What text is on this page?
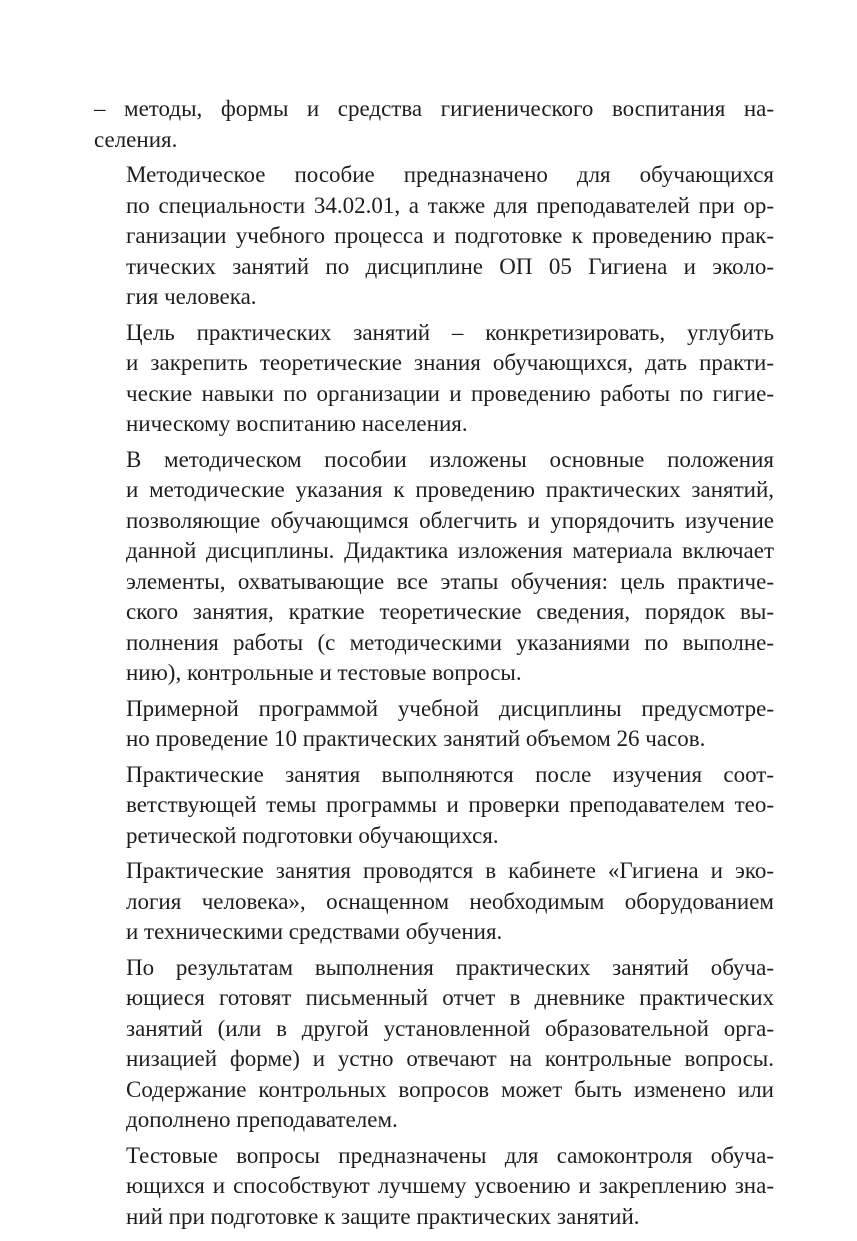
– методы, формы и средства гигиенического воспитания на-
селения.
Методическое пособие предназначено для обучающихся
по специальности 34.02.01, а также для преподавателей при ор-
ганизации учебного процесса и подготовке к проведению прак-
тических занятий по дисциплине ОП 05 Гигиена и эколо-
гия человека.
Цель практических занятий – конкретизировать, углубить
и закрепить теоретические знания обучающихся, дать практи-
ческие навыки по организации и проведению работы по гигие-
ническому воспитанию населения.
В методическом пособии изложены основные положения
и методические указания к проведению практических занятий,
позволяющие обучающимся облегчить и упорядочить изучение
данной дисциплины. Дидактика изложения материала включает
элементы, охватывающие все этапы обучения: цель практиче-
ского занятия, краткие теоретические сведения, порядок вы-
полнения работы (с методическими указаниями по выполне-
нию), контрольные и тестовые вопросы.
Примерной программой учебной дисциплины предусмотре-
но проведение 10 практических занятий объемом 26 часов.
Практические занятия выполняются после изучения соот-
ветствующей темы программы и проверки преподавателем тео-
ретической подготовки обучающихся.
Практические занятия проводятся в кабинете «Гигиена и эко-
логия человека», оснащенном необходимым оборудованием
и техническими средствами обучения.
По результатам выполнения практических занятий обуча-
ющиеся готовят письменный отчет в дневнике практических
занятий (или в другой установленной образовательной орга-
низацией форме) и устно отвечают на контрольные вопросы.
Содержание контрольных вопросов может быть изменено или
дополнено преподавателем.
Тестовые вопросы предназначены для самоконтроля обуча-
ющихся и способствуют лучшему усвоению и закреплению зна-
ний при подготовке к защите практических занятий.
